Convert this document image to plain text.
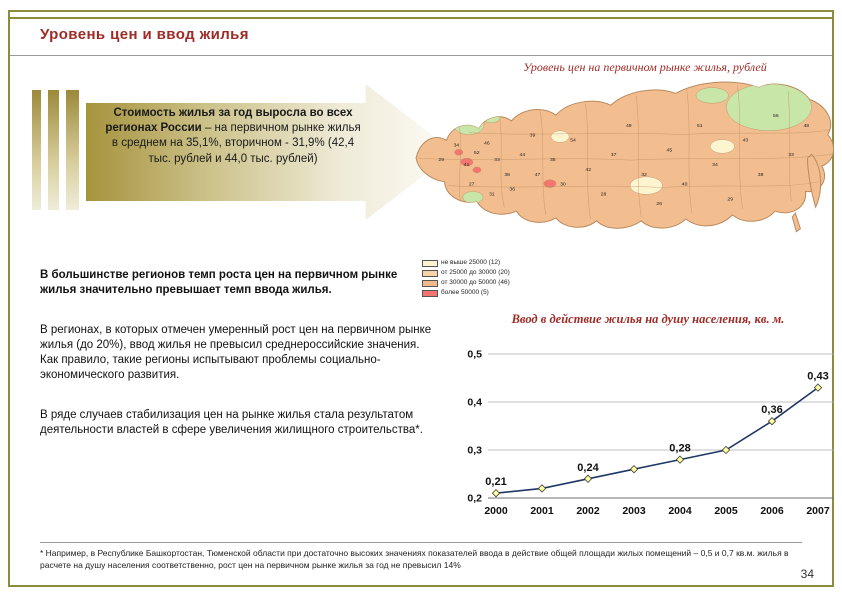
Уровень цен и ввод жилья
Уровень цен на первичном рынке жилья, рублей
Стоимость жилья за год выросла во всех регионах России – на первичном рынке жилья в среднем на 35,1%, вторичном - 31,9% (42,4 тыс. рублей и 44,0 тыс. рублей)	29
34
41
52
46
33
38
27
31
36
44
39
47
35
30
54
42
28
37
49
32
26
45
40
51
34
29
43
38
56
33
48
не выше 25000 (12)
от 25000 до 30000 (20)
от 30000 до 50000 (46)
более 50000 (5)

В большинстве регионов темп роста цен на первичном рынке жилья значительно превышает темп ввода жилья.

В регионах, в которых отмечен умеренный рост цен на первичном рынке жилья (до 20%), ввод жилья не превысил среднероссийские значения. Как правило, такие регионы испытывают проблемы социально-экономического развития.

В ряде случаев стабилизация цен на рынке жилья стала результатом деятельности властей в сфере увеличения жилищного строительства*.

Ввод в действие жилья на душу населения, кв. м.
0,2
0,3
0,4
0,5
2000 2001 2002 2003 2004 2005 2006 2007
0,21
0,24
0,28
0,36
0,43
* Например, в Республике Башкортостан, Тюменской области при достаточно высоких значениях показателей ввода в действие общей площади жилых помещений – 0,5 и 0,7 кв.м. жилья в расчете на душу населения соответственно, рост цен на первичном рынке жилья за год не превысил 14%
34
